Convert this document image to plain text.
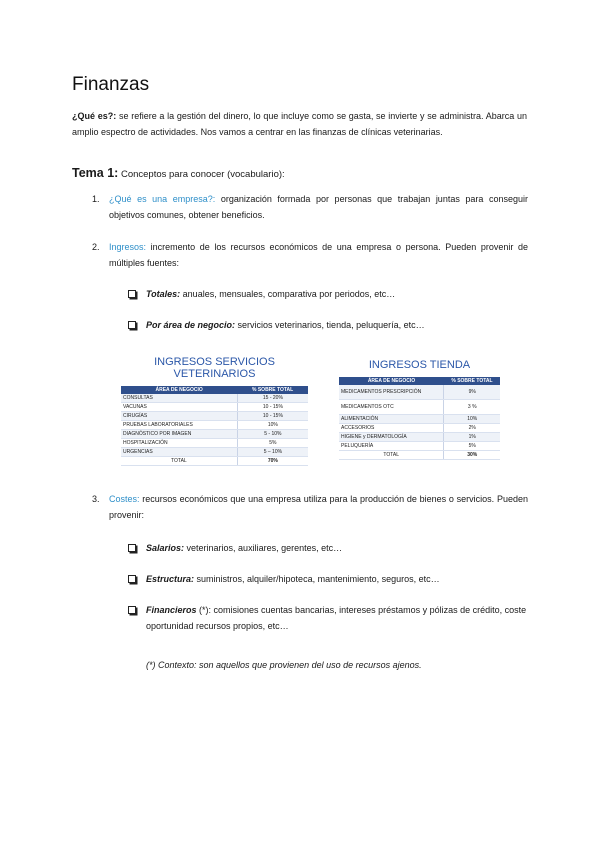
Finanzas
¿Qué es?: se refiere a la gestión del dinero, lo que incluye como se gasta, se invierte y se administra. Abarca un amplio espectro de actividades. Nos vamos a centrar en las finanzas de clínicas veterinarias.
Tema 1: Conceptos para conocer (vocabulario):
1.	¿Qué es una empresa?: organización formada por personas que trabajan juntas para conseguir objetivos comunes, obtener beneficios.
2.	Ingresos: incremento de los recursos económicos de una empresa o persona. Pueden provenir de múltiples fuentes:
Totales: anuales, mensuales, comparativa por periodos, etc…
Por área de negocio: servicios veterinarios, tienda, peluquería, etc…
INGRESOS SERVICIOS VETERINARIOS
ÁREA DE NEGOCIO	% SOBRE TOTAL
CONSULTAS	15 - 20%
VACUNAS	10 - 15%
CIRUGÍAS	10 - 15%
PRUEBAS LABORATORIALES	10%
DIAGNÓSTICO POR IMAGEN	5 - 10%
HOSPITALIZACIÓN	5%
URGENCIAS	5 – 10%
TOTAL	70%
INGRESOS TIENDA
ÁREA DE NEGOCIO	% SOBRE TOTAL
MEDICAMENTOS PRESCRIPCIÓN	9%
MEDICAMENTOS OTC	3 %
ALIMENTACIÓN	10%
ACCESORIOS	2%
HIGIENE y DERMATOLOGÍA	1%
PELUQUERÍA	5%
TOTAL	30%
3.	Costes: recursos económicos que una empresa utiliza para la producción de bienes o servicios. Pueden provenir:
Salarios: veterinarios, auxiliares, gerentes, etc…
Estructura: suministros, alquiler/hipoteca, mantenimiento, seguros, etc…
Financieros (*): comisiones cuentas bancarias, intereses préstamos y pólizas de crédito, coste oportunidad recursos propios, etc…
(*) Contexto: son aquellos que provienen del uso de recursos ajenos.
